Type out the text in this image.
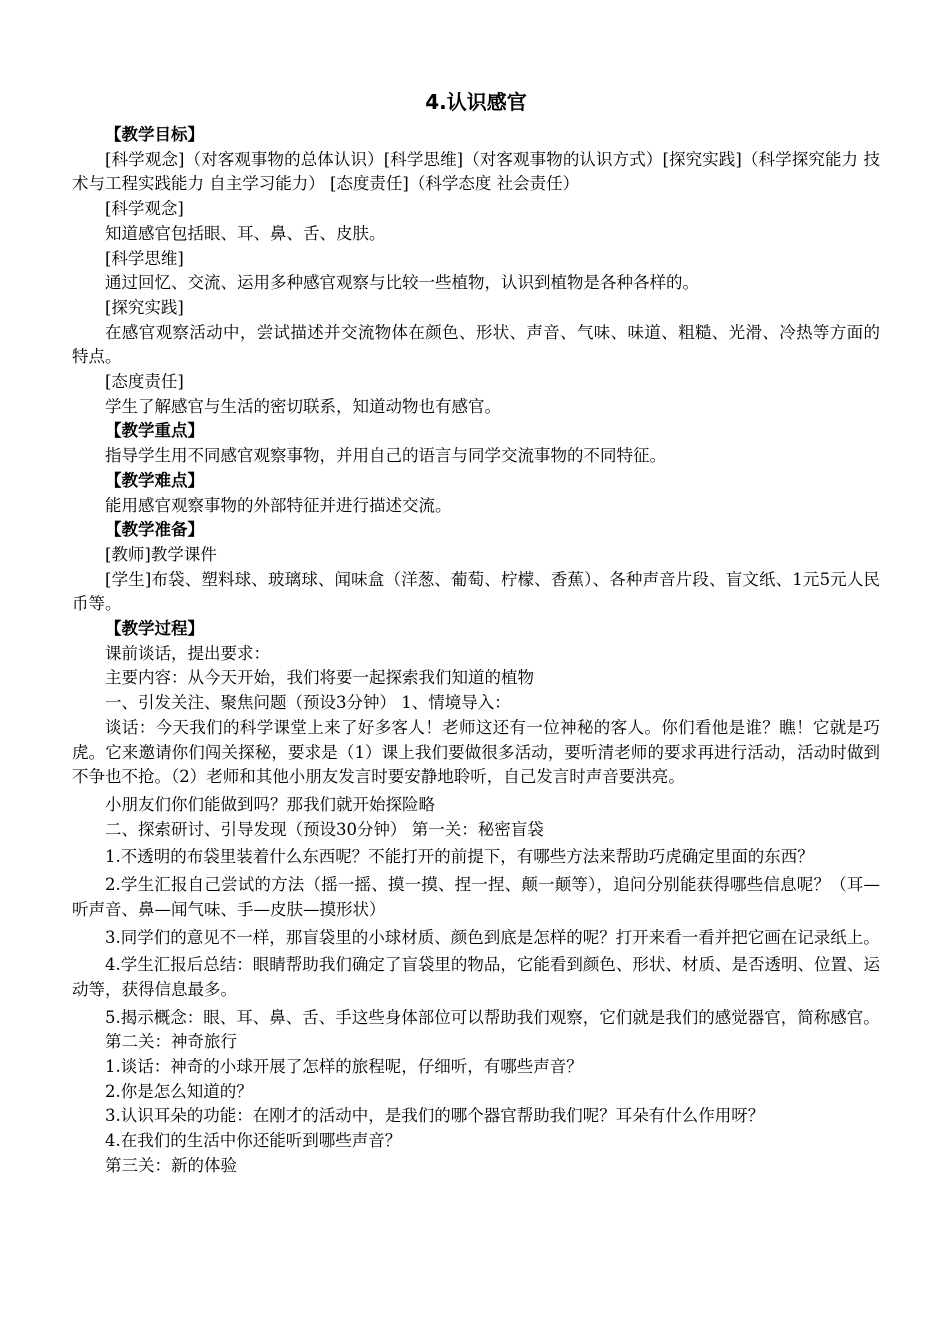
4.认识感官

【教学目标】

[科学观念]（对客观事物的总体认识）[科学思维]（对客观事物的认识方式）[探究实践]（科学探究能力 技术与工程实践能力 自主学习能力） [态度责任]（科学态度 社会责任）

[科学观念]

知道感官包括眼、耳、鼻、舌、皮肤。

[科学思维]

通过回忆、交流、运用多种感官观察与比较一些植物，认识到植物是各种各样的。

[探究实践]

在感官观察活动中，尝试描述并交流物体在颜色、形状、声音、气味、味道、粗糙、光滑、冷热等方面的特点。

[态度责任]

学生了解感官与生活的密切联系，知道动物也有感官。

【教学重点】

指导学生用不同感官观察事物，并用自己的语言与同学交流事物的不同特征。

【教学难点】

能用感官观察事物的外部特征并进行描述交流。

【教学准备】

[教师]教学课件

[学生]布袋、塑料球、玻璃球、闻味盒（洋葱、葡萄、柠檬、香蕉）、各种声音片段、盲文纸、1元5元人民币等。

【教学过程】

课前谈话，提出要求：

主要内容：从今天开始，我们将要一起探索我们知道的植物

一、引发关注、聚焦问题（预设3分钟） 1、情境导入：

谈话：今天我们的科学课堂上来了好多客人！老师这还有一位神秘的客人。你们看他是谁？瞧！它就是巧虎。它来邀请你们闯关探秘，要求是（1）课上我们要做很多活动，要听清老师的要求再进行活动，活动时做到不争也不抢。（2）老师和其他小朋友发言时要安静地聆听，自己发言时声音要洪亮。

小朋友们你们能做到吗？那我们就开始探险略

二、探索研讨、引导发现（预设30分钟） 第一关：秘密盲袋

1.不透明的布袋里装着什么东西呢？不能打开的前提下，有哪些方法来帮助巧虎确定里面的东西？

2.学生汇报自己尝试的方法（摇一摇、摸一摸、捏一捏、颠一颠等），追问分别能获得哪些信息呢？（耳—听声音、鼻—闻气味、手—皮肤—摸形状）

3.同学们的意见不一样，那盲袋里的小球材质、颜色到底是怎样的呢？打开来看一看并把它画在记录纸上。

4.学生汇报后总结：眼睛帮助我们确定了盲袋里的物品，它能看到颜色、形状、材质、是否透明、位置、运动等，获得信息最多。

5.揭示概念：眼、耳、鼻、舌、手这些身体部位可以帮助我们观察，它们就是我们的感觉器官，简称感官。

第二关：神奇旅行

1.谈话：神奇的小球开展了怎样的旅程呢，仔细听，有哪些声音？

2.你是怎么知道的？

3.认识耳朵的功能：在刚才的活动中，是我们的哪个器官帮助我们呢？耳朵有什么作用呀？

4.在我们的生活中你还能听到哪些声音？

第三关：新的体验
